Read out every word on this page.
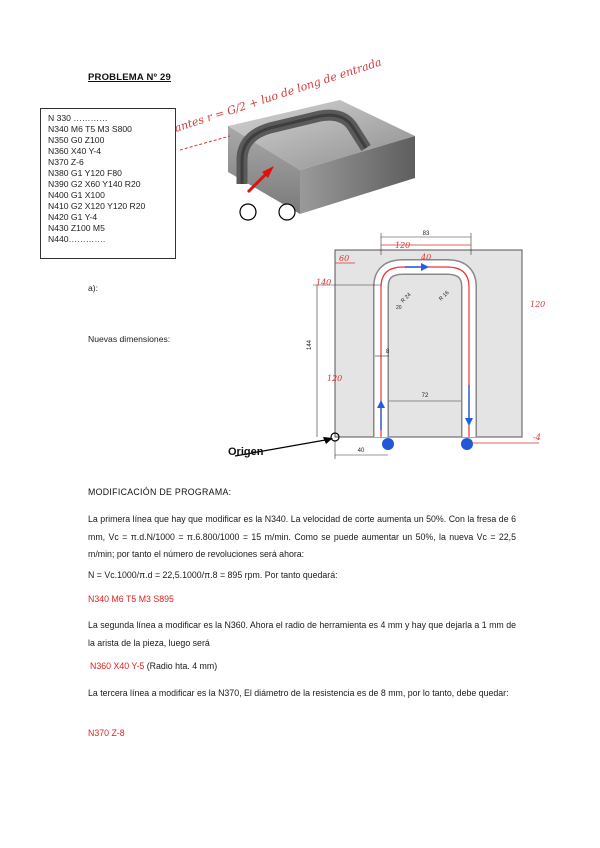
PROBLEMA Nº 29
N 330 …………
N340 M6 T5 M3 S800
N350 G0 Z100
N360 X40 Y-4
N370 Z-6
N380 G1 Y120 F80
N390 G2 X60 Y140 R20
N400 G1 X100
N410 G2 X120 Y120 R20
N420 G1 Y-4
N430 Z100 M5
N440………….
antes r = G/2 + luo de long de entrada
a):
Nuevas dimensiones:
83
144
8
72
40
R 24	R 16
20
120
60	40
140
120
120
-4
Origen
MODIFICACIÓN DE PROGRAMA:
La primera línea que hay que modificar es la N340. La velocidad de corte aumenta un 50%. Con la fresa de 6 mm, Vc = π.d.N/1000 = π.6.800/1000 = 15 m/min. Como se puede aumentar un 50%, la nueva Vc = 22,5 m/min; por tanto el número de revoluciones será ahora:
N = Vc.1000/π.d = 22,5.1000/π.8 = 895 rpm. Por tanto quedará:
N340 M6 T5 M3 S895
La segunda línea a modificar es la N360. Ahora el radio de herramienta es 4 mm y hay que dejarla a 1 mm de la arista de la pieza, luego será
N360 X40 Y-5 (Radio hta. 4 mm)
La tercera línea a modificar es la N370, El diámetro de la resistencia es de 8 mm, por lo tanto, debe quedar:
N370 Z-8
